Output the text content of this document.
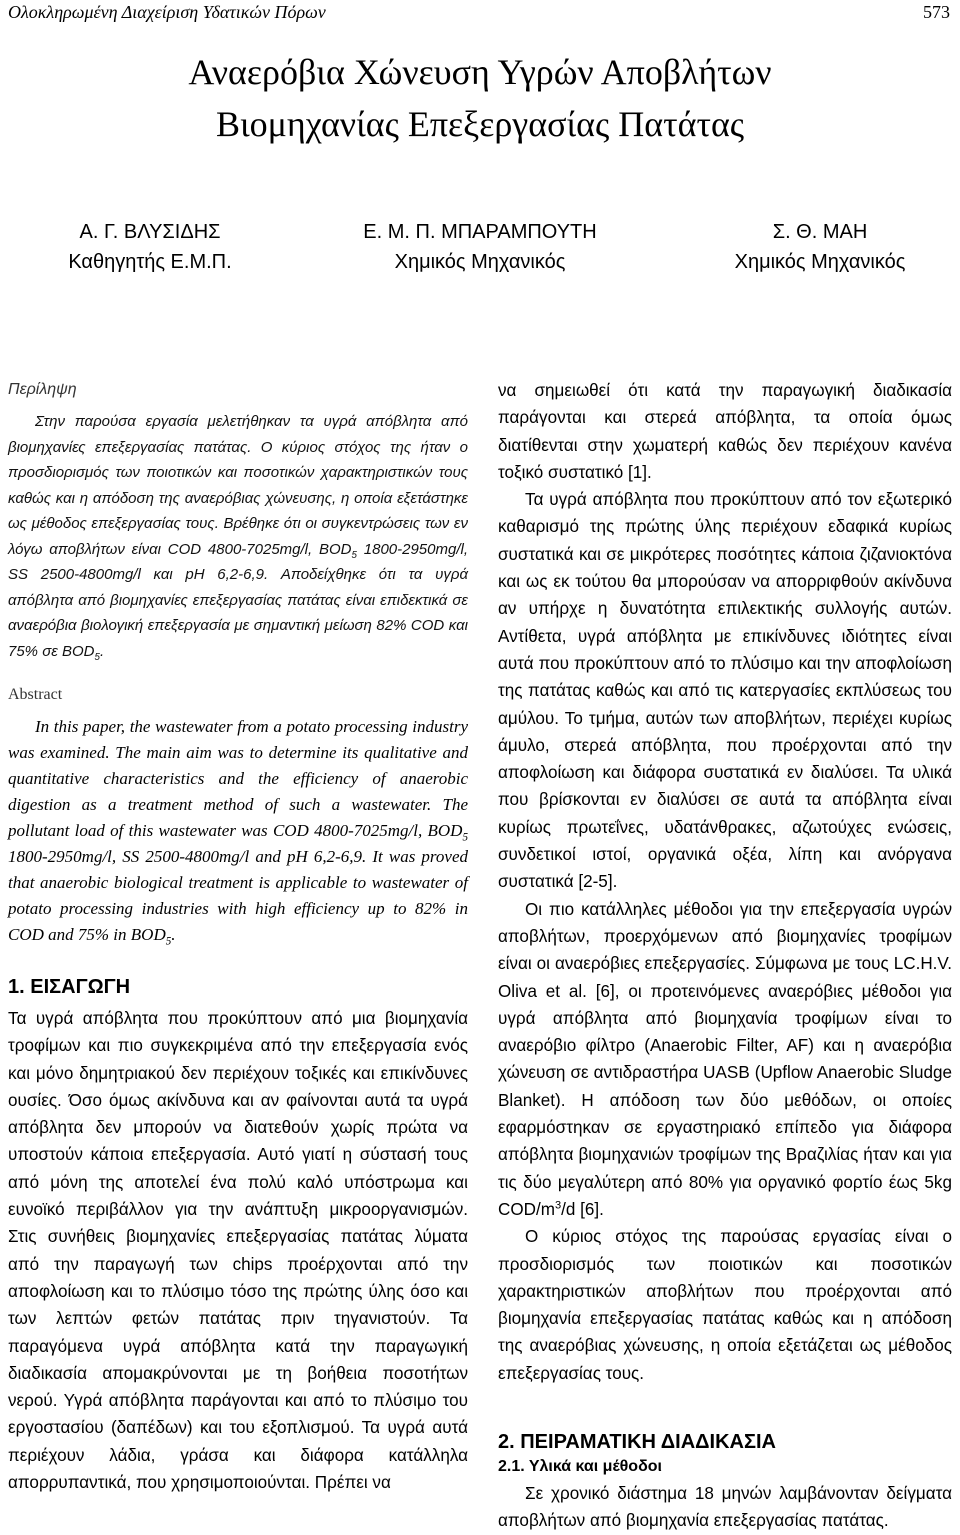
Ολοκληρωμένη Διαχείριση Υδατικών Πόρων	573
Αναερόβια Χώνευση Υγρών Αποβλήτων
Βιομηχανίας Επεξεργασίας Πατάτας
Α. Γ. ΒΛΥΣΙΔΗΣ
Καθηγητής Ε.Μ.Π.
Ε. Μ. Π. ΜΠΑΡΑΜΠΟΥΤΗ
Χημικός Μηχανικός
Σ. Θ. ΜΑΗ
Χημικός Μηχανικός
Περίληψη

Στην παρούσα εργασία μελετήθηκαν τα υγρά απόβλητα από βιομηχανίες επεξεργασίας πατάτας. Ο κύριος στόχος της ήταν ο προσδιορισμός των ποιοτικών και ποσοτικών χαρακτηριστικών τους καθώς και η απόδοση της αναερόβιας χώνευσης, η οποία εξετάστηκε ως μέθοδος επεξεργασίας τους. Βρέθηκε ότι οι συγκεντρώσεις των εν λόγω αποβλήτων είναι COD 4800-7025mg/l, $BOD_5$ 1800-2950mg/l, SS 2500-4800mg/l και pH 6,2-6,9. Αποδείχθηκε ότι τα υγρά απόβλητα από βιομηχανίες επεξεργασίας πατάτας είναι επιδεκτικά σε αναερόβια βιολογική επεξεργασία με σημαντική μείωση 82% COD και 75% σε $BOD_5$.

Abstract

In this paper, the wastewater from a potato processing industry was examined. The main aim was to determine its qualitative and quantitative characteristics and the efficiency of anaerobic digestion as a treatment method of such a wastewater. The pollutant load of this wastewater was COD 4800-7025mg/l, $BOD_5$ 1800-2950mg/l, SS 2500-4800mg/l and pH 6,2-6,9. It was proved that anaerobic biological treatment is applicable to wastewater of potato processing industries with high efficiency up to 82% in COD and 75% in $BOD_5$.

1. ΕΙΣΑΓΩΓΗ

Τα υγρά απόβλητα που προκύπτουν από μια βιομηχανία τροφίμων και πιο συγκεκριμένα από την επεξεργασία ενός και μόνο δημητριακού δεν περιέχουν τοξικές και επικίνδυνες ουσίες. Όσο όμως ακίνδυνα και αν φαίνονται αυτά τα υγρά απόβλητα δεν μπορούν να διατεθούν χωρίς πρώτα να υποστούν κάποια επεξεργασία. Αυτό γιατί η σύστασή τους από μόνη της αποτελεί ένα πολύ καλό υπόστρωμα και ευνοϊκό περιβάλλον για την ανάπτυξη μικροοργανισμών. Στις συνήθεις βιομηχανίες επεξεργασίας πατάτας λύματα από την παραγωγή των chips προέρχονται από την αποφλοίωση και το πλύσιμο τόσο της πρώτης ύλης όσο και των λεπτών φετών πατάτας πριν τηγανιστούν. Τα παραγόμενα υγρά απόβλητα κατά την παραγωγική διαδικασία απομακρύνονται με τη βοήθεια ποσοτήτων νερού. Υγρά απόβλητα παράγονται και από το πλύσιμο του εργοστασίου (δαπέδων) και του εξοπλισμού. Τα υγρά αυτά περιέχουν λάδια, γράσα και διάφορα κατάλληλα απορρυπαντικά, που χρησιμοποιούνται. Πρέπει να

να σημειωθεί ότι κατά την παραγωγική διαδικασία παράγονται και στερεά απόβλητα, τα οποία όμως διατίθενται στην χωματερή καθώς δεν περιέχουν κανένα τοξικό συστατικό [1].

Τα υγρά απόβλητα που προκύπτουν από τον εξωτερικό καθαρισμό της πρώτης ύλης περιέχουν εδαφικά κυρίως συστατικά και σε μικρότερες ποσότητες κάποια ζιζανιοκτόνα και ως εκ τούτου θα μπορούσαν να απορριφθούν ακίνδυνα αν υπήρχε η δυνατότητα επιλεκτικής συλλογής αυτών. Αντίθετα, υγρά απόβλητα με επικίνδυνες ιδιότητες είναι αυτά που προκύπτουν από το πλύσιμο και την αποφλοίωση της πατάτας καθώς και από τις κατεργασίες εκπλύσεως του αμύλου. Το τμήμα, αυτών των αποβλήτων, περιέχει κυρίως άμυλο, στερεά απόβλητα, που προέρχονται από την αποφλοίωση και διάφορα συστατικά εν διαλύσει. Τα υλικά που βρίσκονται εν διαλύσει σε αυτά τα απόβλητα είναι κυρίως πρωτεΐνες, υδατάνθρακες, αζωτούχες ενώσεις, συνδετικοί ιστοί, οργανικά οξέα, λίπη και ανόργανα συστατικά [2-5].

Οι πιο κατάλληλες μέθοδοι για την επεξεργασία υγρών αποβλήτων, προερχόμενων από βιομηχανίες τροφίμων είναι οι αναερόβιες επεξεργασίες. Σύμφωνα με τους LC.H.V. Oliva et al. [6], οι προτεινόμενες αναερόβιες μέθοδοι για υγρά απόβλητα από βιομηχανία τροφίμων είναι το αναερόβιο φίλτρο (Anaerobic Filter, AF) και η αναερόβια χώνευση σε αντιδραστήρα UASB (Upflow Anaerobic Sludge Blanket). Η απόδοση των δύο μεθόδων, οι οποίες εφαρμόστηκαν σε εργαστηριακό επίπεδο για διάφορα απόβλητα βιομηχανιών τροφίμων της Βραζιλίας ήταν και για τις δύο μεγαλύτερη από 80% για οργανικό φορτίο έως 5kg COD/$m^3/d$ [6].

Ο κύριος στόχος της παρούσας εργασίας είναι ο προσδιορισμός των ποιοτικών και ποσοτικών χαρακτηριστικών αποβλήτων που προέρχονται από βιομηχανία επεξεργασίας πατάτας καθώς και η απόδοση της αναερόβιας χώνευσης, η οποία εξετάζεται ως μέθοδος επεξεργασίας τους.

2. ΠΕΙΡΑΜΑΤΙΚΗ ΔΙΑΔΙΚΑΣΙΑ
2.1. Υλικά και μέθοδοι

Σε χρονικό διάστημα 18 μηνών λαμβάνονταν δείγματα αποβλήτων από βιομηχανία επεξεργασίας πατάτας.
